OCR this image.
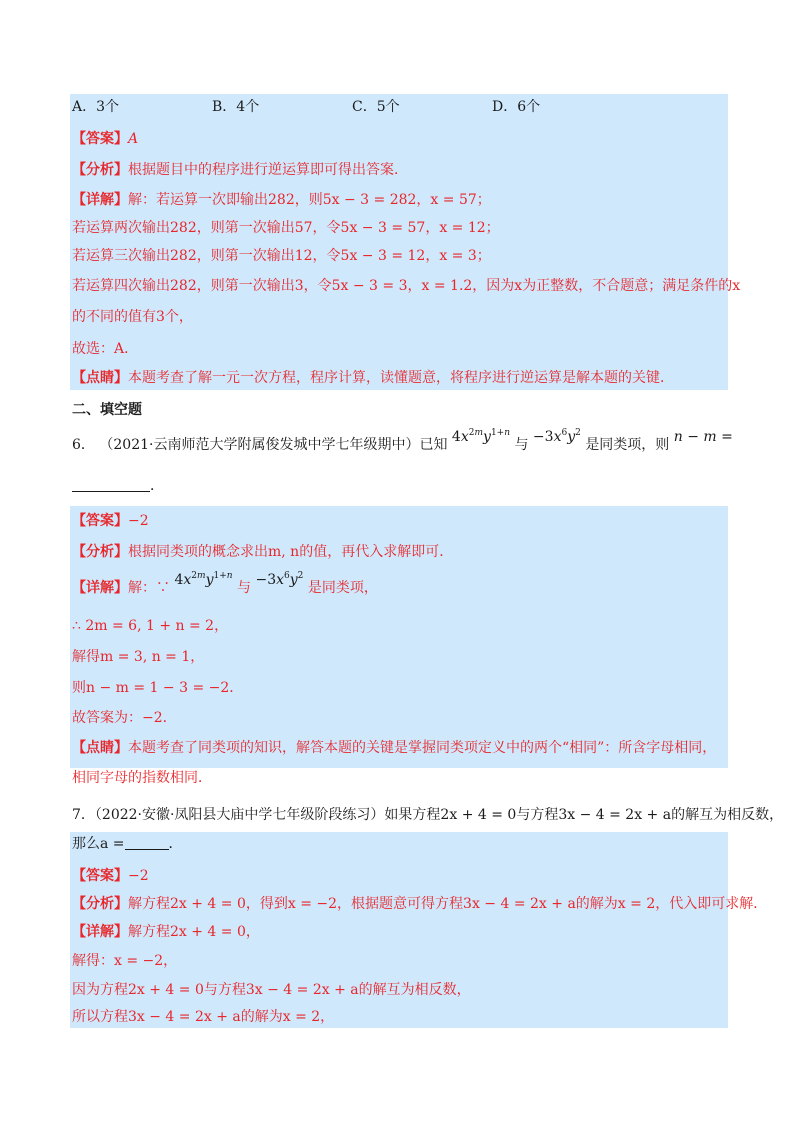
A．3个	B．4个	C．5个	D．6个
【答案】A
【分析】根据题目中的程序进行逆运算即可得出答案．
【详解】解：若运算一次即输出282，则5x − 3 = 282，x = 57；
若运算两次输出282，则第一次输出57，令5x − 3 = 57，x = 12；
若运算三次输出282，则第一次输出12，令5x − 3 = 12，x = 3；
若运算四次输出282，则第一次输出3，令5x − 3 = 3，x = 1.2，因为x为正整数，不合题意；满足条件的x
的不同的值有3个，
故选：A．
【点睛】本题考查了解一元一次方程，程序计算，读懂题意，将程序进行逆运算是解本题的关键．
二、填空题
6． （2021·云南师范大学附属俊发城中学七年级期中）已知 $4x^{2m}y^{1+n}$ 与 $-3x^6y^2$ 是同类项，则 n − m =
．
【答案】−2
【分析】根据同类项的概念求出m, n的值，再代入求解即可．
【详解】解：∵ $4x^{2m}y^{1+n}$ 与 $-3x^6y^2$ 是同类项，
∴ 2m = 6, 1 + n = 2，
解得m = 3, n = 1，
则n − m = 1 − 3 = −2．
故答案为：−2．
【点睛】本题考查了同类项的知识，解答本题的关键是掌握同类项定义中的两个“相同”：所含字母相同，
相同字母的指数相同．
7．（2022·安徽·凤阳县大庙中学七年级阶段练习）如果方程2x + 4 = 0与方程3x − 4 = 2x + a的解互为相反数，
那么a =	．
【答案】−2
【分析】解方程2x + 4 = 0，得到x = −2，根据题意可得方程3x − 4 = 2x + a的解为x = 2，代入即可求解．
【详解】解方程2x + 4 = 0，
解得：x = −2，
因为方程2x + 4 = 0与方程3x − 4 = 2x + a的解互为相反数，
所以方程3x − 4 = 2x + a的解为x = 2，
